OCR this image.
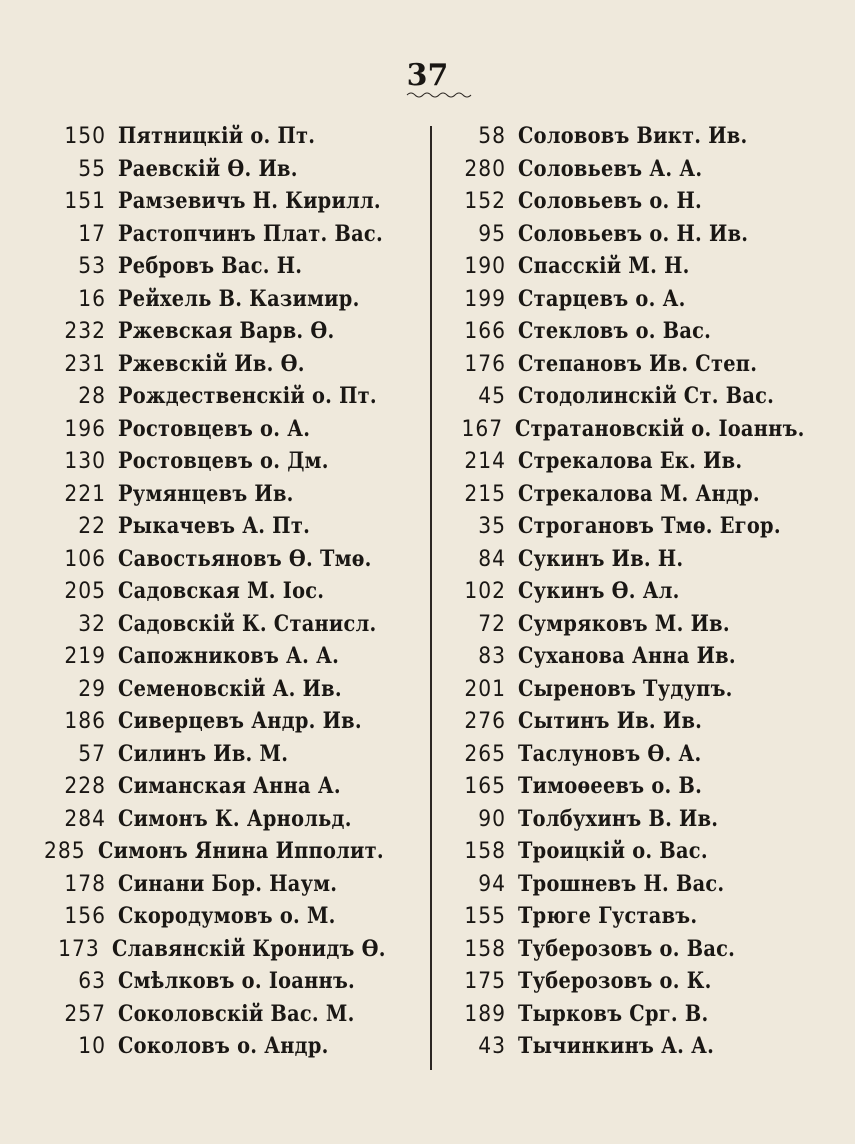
37
150 Пятницкій о. Пт.
55 Раевскій Ѳ. Ив.
151 Рамзевичъ Н. Кирилл.
17 Растопчинъ Плат. Вас.
53 Ребровъ Вас. Н.
16 Рейхель В. Казимир.
232 Ржевская Варв. Ѳ.
231 Ржевскій Ив. Ѳ.
28 Рождественскій о. Пт.
196 Ростовцевъ о. А.
130 Ростовцевъ о. Дм.
221 Румянцевъ Ив.
22 Рыкачевъ А. Пт.
106 Савостьяновъ Ѳ. Тмѳ.
205 Садовская М. Іос.
32 Садовскій К. Станисл.
219 Сапожниковъ А. А.
29 Семеновскій А. Ив.
186 Сиверцевъ Андр. Ив.
57 Силинъ Ив. М.
228 Симанская Анна А.
284 Симонъ К. Арнольд.
285 Симонъ Янина Ипполит.
178 Синани Бор. Наум.
156 Скородумовъ о. М.
173 Славянскій Кронидъ Ѳ.
63 Смѣлковъ о. Іоаннъ.
257 Соколовскій Вас. М.
10 Соколовъ о. Андр.
58 Солововъ Викт. Ив.
280 Соловьевъ А. А.
152 Соловьевъ о. Н.
95 Соловьевъ о. Н. Ив.
190 Спасскій М. Н.
199 Старцевъ о. А.
166 Стекловъ о. Вас.
176 Степановъ Ив. Степ.
45 Стодолинскій Ст. Вас.
167 Стратановскій о. Іоаннъ.
214 Стрекалова Ек. Ив.
215 Стрекалова М. Андр.
35 Строгановъ Тмѳ. Егор.
84 Сукинъ Ив. Н.
102 Сукинъ Ѳ. Ал.
72 Сумряковъ М. Ив.
83 Суханова Анна Ив.
201 Сыреновъ Тудупъ.
276 Сытинъ Ив. Ив.
265 Таслуновъ Ѳ. А.
165 Тимоѳеевъ о. В.
90 Толбухинъ В. Ив.
158 Троицкій о. Вас.
94 Трошневъ Н. Вас.
155 Трюге Густавъ.
158 Туберозовъ о. Вас.
175 Туберозовъ о. К.
189 Тырковъ Срг. В.
43 Тычинкинъ А. А.
